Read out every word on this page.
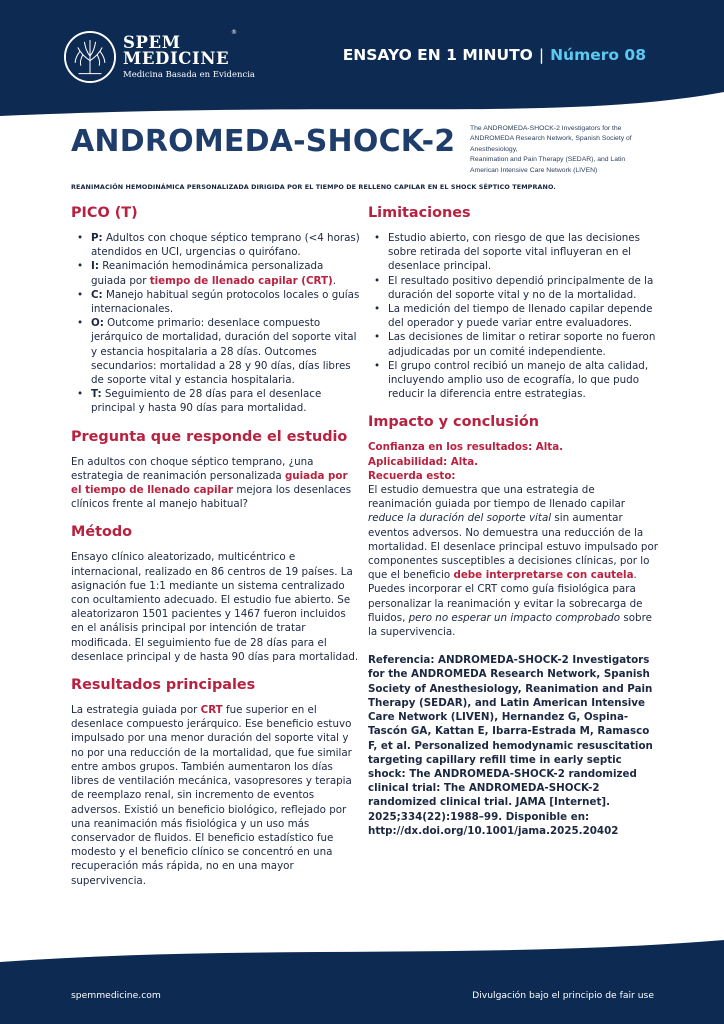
SPEM
MEDICINE
Medicina Basada en Evidencia
®
ENSAYO EN 1 MINUTO | Número 08
ANDROMEDA-SHOCK-2 The ANDROMEDA-SHOCK-2 Investigators for the
ANDROMEDA Research Network, Spanish Society of
Anesthesiology,
Reanimation and Pain Therapy (SEDAR), and Latin
American Intensive Care Network (LIVEN)
REANIMACIÓN HEMODINÁMICA PERSONALIZADA DIRIGIDA POR EL TIEMPO DE RELLENO CAPILAR EN EL SHOCK SÉPTICO TEMPRANO.
PICO (T)
• P: Adultos con choque séptico temprano (<4 horas) atendidos en UCI, urgencias o quirófano.
• I: Reanimación hemodinámica personalizada guiada por tiempo de llenado capilar (CRT).
• C: Manejo habitual según protocolos locales o guías internacionales.
• O: Outcome primario: desenlace compuesto jerárquico de mortalidad, duración del soporte vital y estancia hospitalaria a 28 días. Outcomes secundarios: mortalidad a 28 y 90 días, días libres de soporte vital y estancia hospitalaria.
• T: Seguimiento de 28 días para el desenlace principal y hasta 90 días para mortalidad.
Pregunta que responde el estudio

En adultos con choque séptico temprano, ¿una estrategia de reanimación personalizada guiada por el tiempo de llenado capilar mejora los desenlaces clínicos frente al manejo habitual?

Método

Ensayo clínico aleatorizado, multicéntrico e internacional, realizado en 86 centros de 19 países. La asignación fue 1:1 mediante un sistema centralizado con ocultamiento adecuado. El estudio fue abierto. Se aleatorizaron 1501 pacientes y 1467 fueron incluidos en el análisis principal por intención de tratar modificada. El seguimiento fue de 28 días para el desenlace principal y de hasta 90 días para mortalidad.

Resultados principales

La estrategia guiada por CRT fue superior en el desenlace compuesto jerárquico. Ese beneficio estuvo impulsado por una menor duración del soporte vital y no por una reducción de la mortalidad, que fue similar entre ambos grupos. También aumentaron los días libres de ventilación mecánica, vasopresores y terapia de reemplazo renal, sin incremento de eventos adversos. Existió un beneficio biológico, reflejado por una reanimación más fisiológica y un uso más conservador de fluidos. El beneficio estadístico fue modesto y el beneficio clínico se concentró en una recuperación más rápida, no en una mayor supervivencia.

Limitaciones
• Estudio abierto, con riesgo de que las decisiones sobre retirada del soporte vital influyeran en el desenlace principal.
• El resultado positivo dependió principalmente de la duración del soporte vital y no de la mortalidad.
• La medición del tiempo de llenado capilar depende del operador y puede variar entre evaluadores.
• Las decisiones de limitar o retirar soporte no fueron adjudicadas por un comité independiente.
• El grupo control recibió un manejo de alta calidad, incluyendo amplio uso de ecografía, lo que pudo reducir la diferencia entre estrategias.
Impacto y conclusión
Confianza en los resultados: Alta.
Aplicabilidad: Alta.
Recuerda esto:

El estudio demuestra que una estrategia de reanimación guiada por tiempo de llenado capilar reduce la duración del soporte vital sin aumentar eventos adversos. No demuestra una reducción de la mortalidad. El desenlace principal estuvo impulsado por componentes susceptibles a decisiones clínicas, por lo que el beneficio debe interpretarse con cautela. Puedes incorporar el CRT como guía fisiológica para personalizar la reanimación y evitar la sobrecarga de fluidos, pero no esperar un impacto comprobado sobre la supervivencia.

Referencia: ANDROMEDA-SHOCK-2 Investigators for the ANDROMEDA Research Network, Spanish Society of Anesthesiology, Reanimation and Pain Therapy (SEDAR), and Latin American Intensive Care Network (LIVEN), Hernandez G, Ospina-Tascón GA, Kattan E, Ibarra-Estrada M, Ramasco F, et al. Personalized hemodynamic resuscitation targeting capillary refill time in early septic shock: The ANDROMEDA-SHOCK-2 randomized clinical trial: The ANDROMEDA-SHOCK-2 randomized clinical trial. JAMA [Internet]. 2025;334(22):1988–99. Disponible en: http://dx.doi.org/10.1001/jama.2025.20402

spemmedicine.com	Divulgación bajo el principio de fair use
